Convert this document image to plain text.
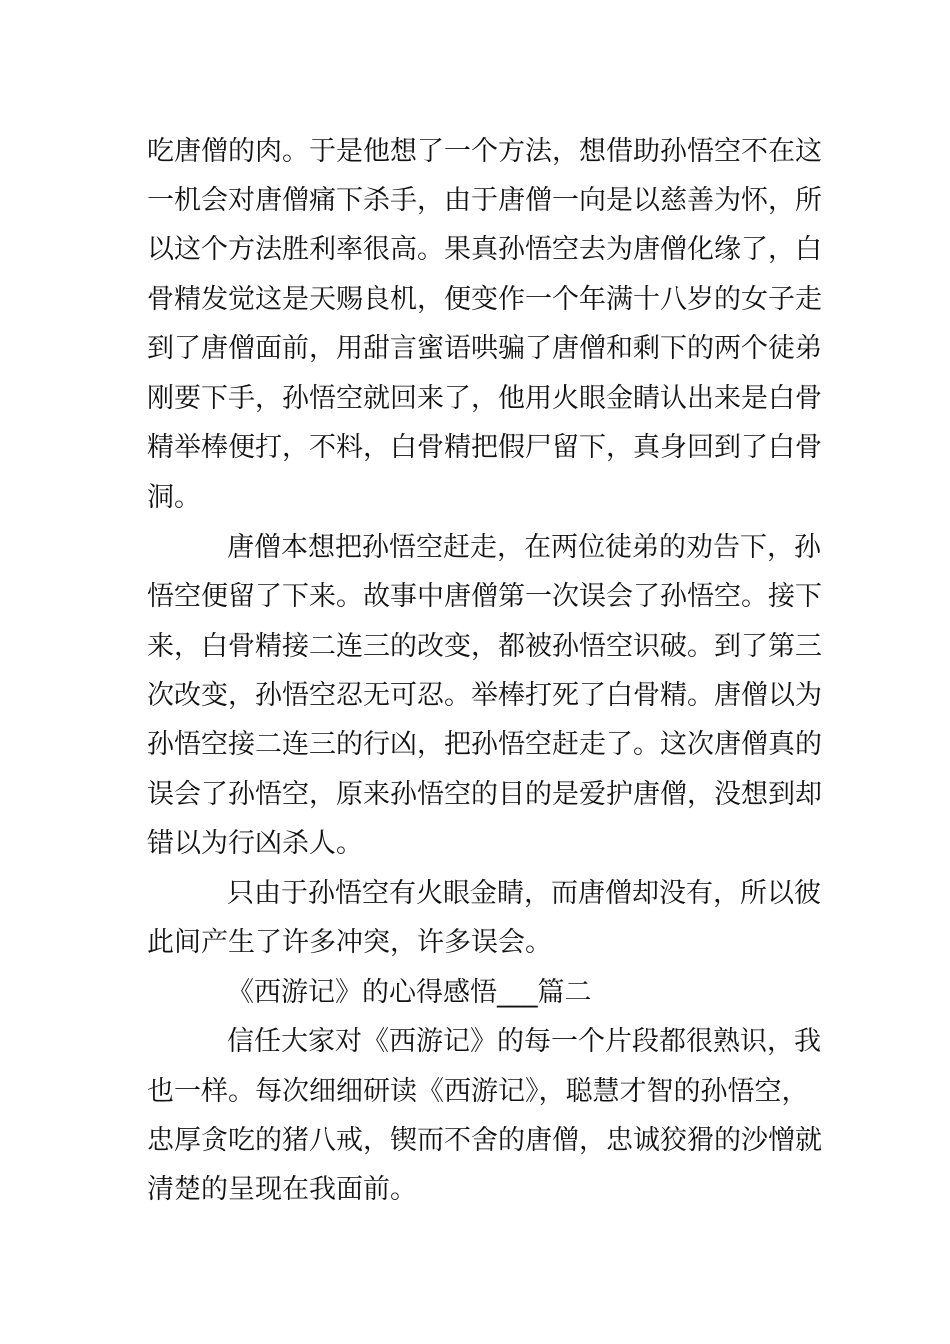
吃唐僧的肉。于是他想了一个方法，想借助孙悟空不在这
一机会对唐僧痛下杀手，由于唐僧一向是以慈善为怀，所
以这个方法胜利率很高。果真孙悟空去为唐僧化缘了，白
骨精发觉这是天赐良机，便变作一个年满十八岁的女子走
到了唐僧面前，用甜言蜜语哄骗了唐僧和剩下的两个徒弟
刚要下手，孙悟空就回来了，他用火眼金睛认出来是白骨
精举棒便打，不料，白骨精把假尸留下，真身回到了白骨
洞。
唐僧本想把孙悟空赶走，在两位徒弟的劝告下，孙
悟空便留了下来。故事中唐僧第一次误会了孙悟空。接下
来，白骨精接二连三的改变，都被孙悟空识破。到了第三
次改变，孙悟空忍无可忍。举棒打死了白骨精。唐僧以为
孙悟空接二连三的行凶，把孙悟空赶走了。这次唐僧真的
误会了孙悟空，原来孙悟空的目的是爱护唐僧，没想到却
错以为行凶杀人。
只由于孙悟空有火眼金睛，而唐僧却没有，所以彼
此间产生了许多冲突，许多误会。
《西游记》的心得感悟___篇二
信任大家对《西游记》的每一个片段都很熟识，我
也一样。每次细细研读《西游记》，聪慧才智的孙悟空，
忠厚贪吃的猪八戒，锲而不舍的唐僧，忠诚狡猾的沙憎就
清楚的呈现在我面前。
